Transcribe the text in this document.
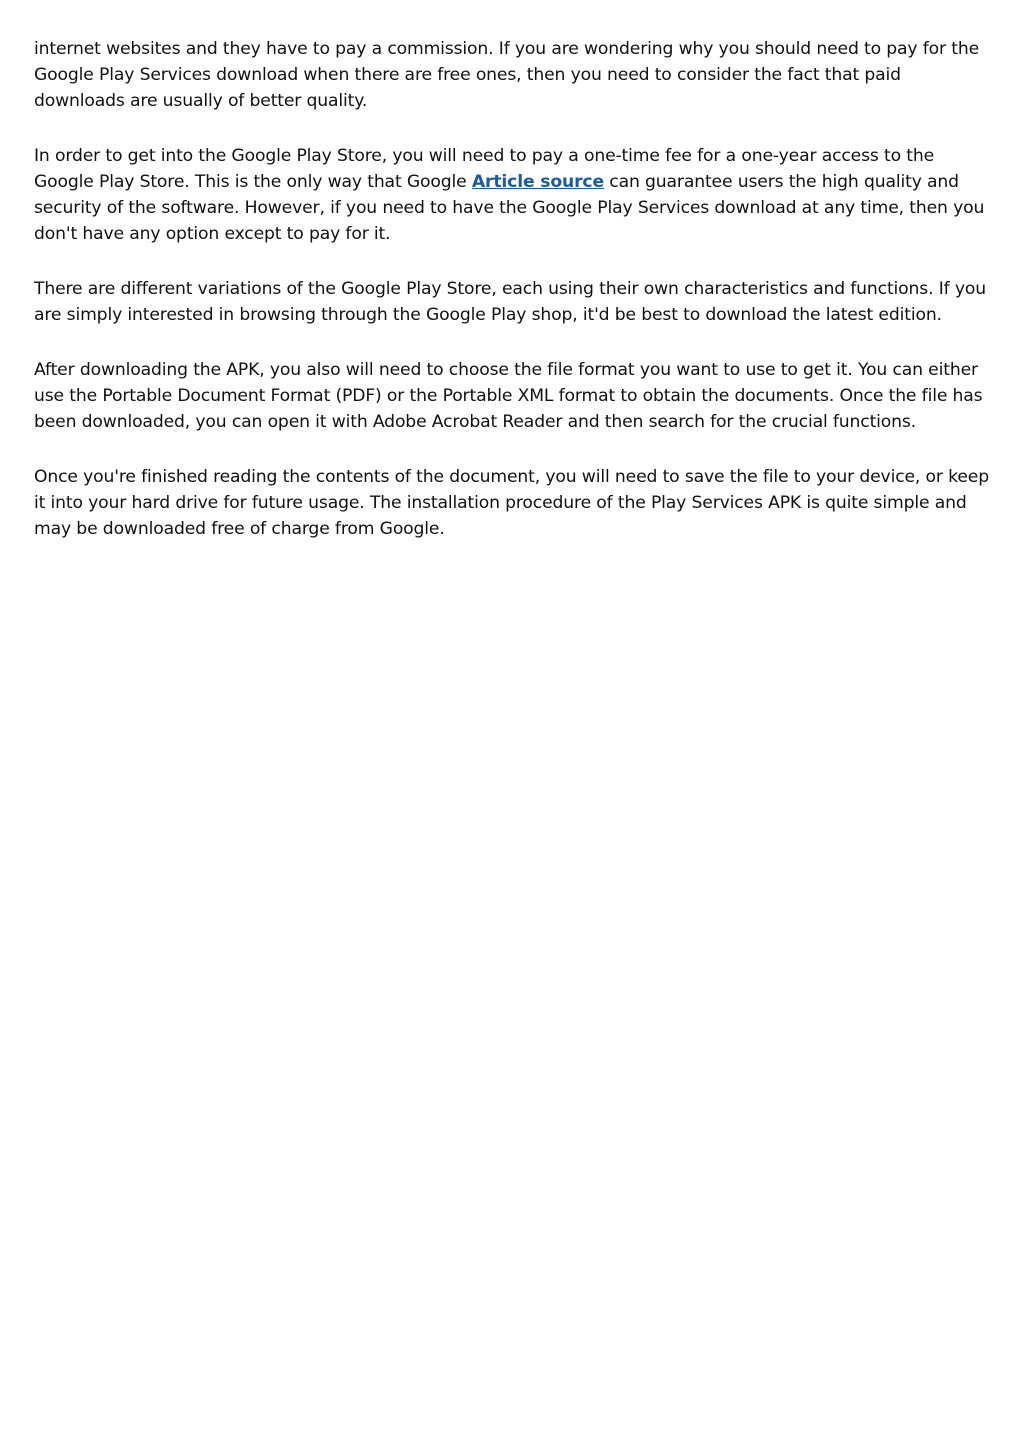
internet websites and they have to pay a commission. If you are wondering why you should need to pay for the Google Play Services download when there are free ones, then you need to consider the fact that paid downloads are usually of better quality.

In order to get into the Google Play Store, you will need to pay a one-time fee for a one-year access to the Google Play Store. This is the only way that Google Article source can guarantee users the high quality and security of the software. However, if you need to have the Google Play Services download at any time, then you don't have any option except to pay for it.

There are different variations of the Google Play Store, each using their own characteristics and functions. If you are simply interested in browsing through the Google Play shop, it'd be best to download the latest edition.

After downloading the APK, you also will need to choose the file format you want to use to get it. You can either use the Portable Document Format (PDF) or the Portable XML format to obtain the documents. Once the file has been downloaded, you can open it with Adobe Acrobat Reader and then search for the crucial functions.

Once you're finished reading the contents of the document, you will need to save the file to your device, or keep it into your hard drive for future usage. The installation procedure of the Play Services APK is quite simple and may be downloaded free of charge from Google.
